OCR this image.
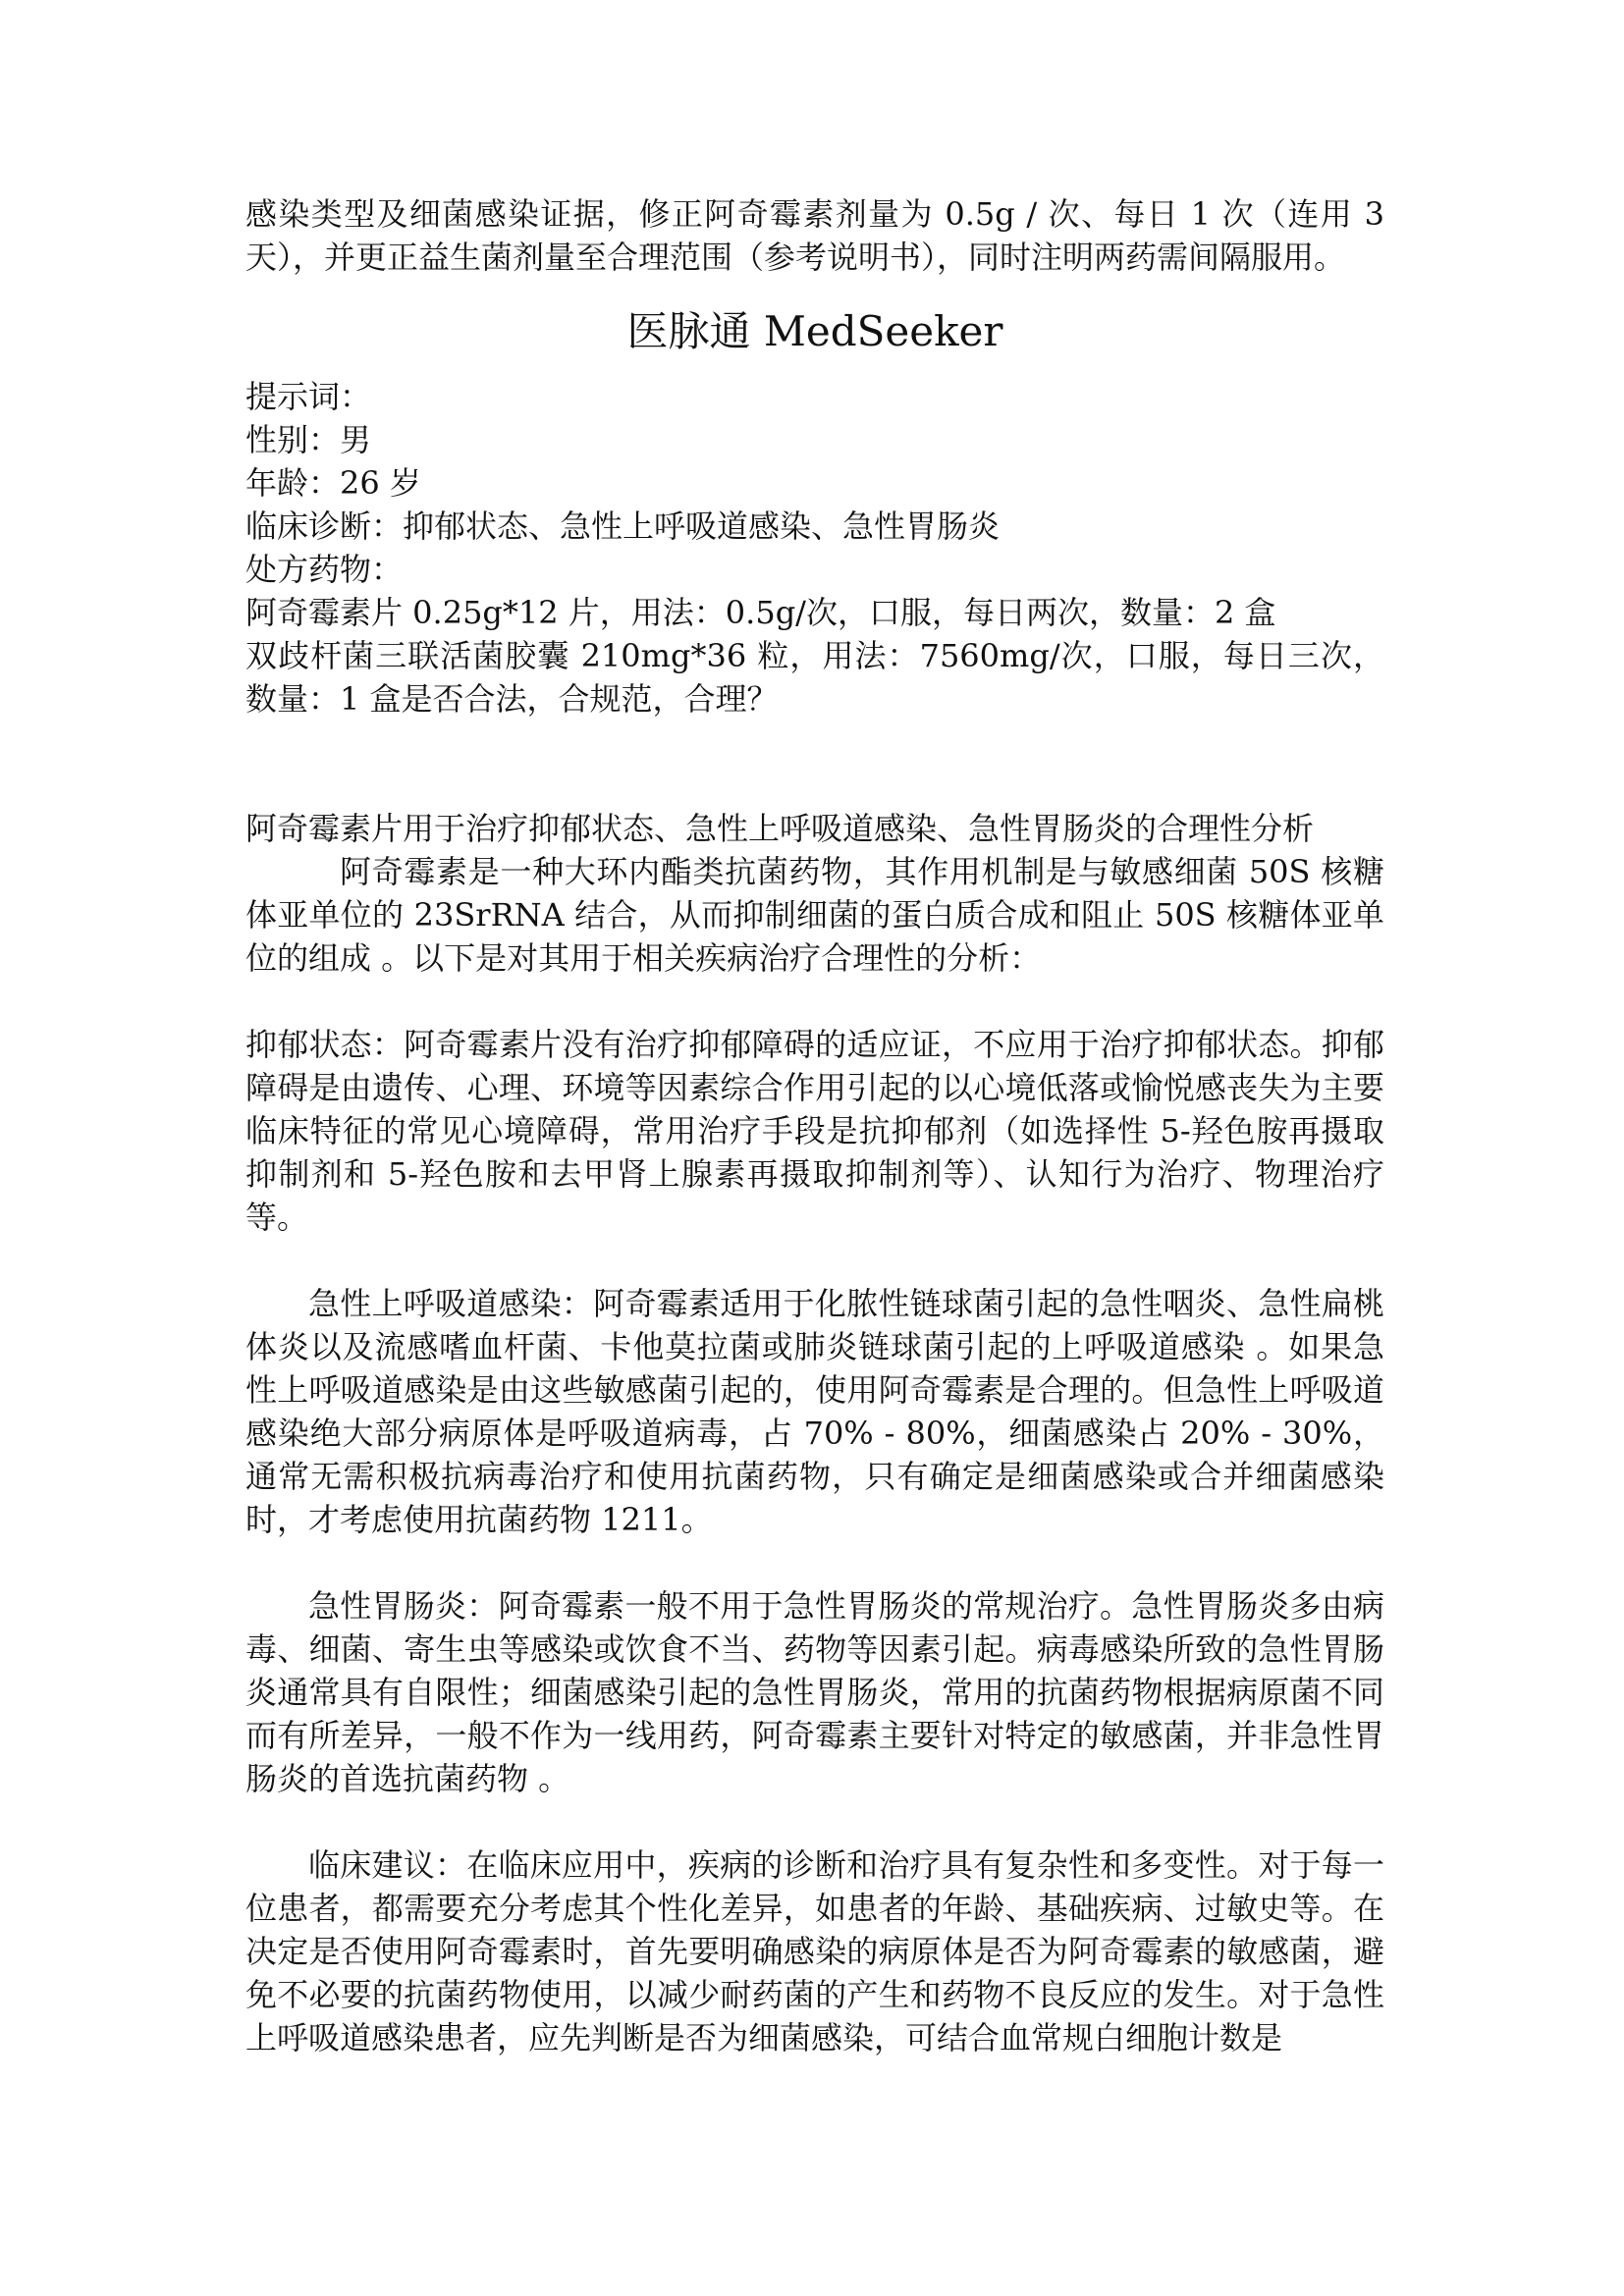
感染类型及细菌感染证据，修正阿奇霉素剂量为 0.5g / 次、每日 1 次（连用 3 天），并更正益生菌剂量至合理范围（参考说明书），同时注明两药需间隔服用。

医脉通 MedSeeker

提示词：

性别：男

年龄：26 岁

临床诊断：抑郁状态、急性上呼吸道感染、急性胃肠炎

处方药物：

阿奇霉素片 0.25g*12 片，用法：0.5g/次，口服，每日两次，数量：2 盒

双歧杆菌三联活菌胶囊 210mg*36 粒，用法：7560mg/次，口服，每日三次，数量：1 盒是否合法，合规范，合理？

阿奇霉素片用于治疗抑郁状态、急性上呼吸道感染、急性胃肠炎的合理性分析

阿奇霉素是一种大环内酯类抗菌药物，其作用机制是与敏感细菌 50S 核糖体亚单位的 23SrRNA 结合，从而抑制细菌的蛋白质合成和阻止 50S 核糖体亚单位的组成 。以下是对其用于相关疾病治疗合理性的分析：

抑郁状态：阿奇霉素片没有治疗抑郁障碍的适应证，不应用于治疗抑郁状态。抑郁障碍是由遗传、心理、环境等因素综合作用引起的以心境低落或愉悦感丧失为主要临床特征的常见心境障碍，常用治疗手段是抗抑郁剂（如选择性 5-羟色胺再摄取抑制剂和 5-羟色胺和去甲肾上腺素再摄取抑制剂等）、认知行为治疗、物理治疗等。

急性上呼吸道感染：阿奇霉素适用于化脓性链球菌引起的急性咽炎、急性扁桃体炎以及流感嗜血杆菌、卡他莫拉菌或肺炎链球菌引起的上呼吸道感染 。如果急性上呼吸道感染是由这些敏感菌引起的，使用阿奇霉素是合理的。但急性上呼吸道感染绝大部分病原体是呼吸道病毒，占 70% - 80%，细菌感染占 20% - 30%，通常无需积极抗病毒治疗和使用抗菌药物，只有确定是细菌感染或合并细菌感染时，才考虑使用抗菌药物 1211。

急性胃肠炎：阿奇霉素一般不用于急性胃肠炎的常规治疗。急性胃肠炎多由病毒、细菌、寄生虫等感染或饮食不当、药物等因素引起。病毒感染所致的急性胃肠炎通常具有自限性；细菌感染引起的急性胃肠炎，常用的抗菌药物根据病原菌不同而有所差异，一般不作为一线用药，阿奇霉素主要针对特定的敏感菌，并非急性胃肠炎的首选抗菌药物 。

临床建议：在临床应用中，疾病的诊断和治疗具有复杂性和多变性。对于每一位患者，都需要充分考虑其个性化差异，如患者的年龄、基础疾病、过敏史等。在决定是否使用阿奇霉素时，首先要明确感染的病原体是否为阿奇霉素的敏感菌，避免不必要的抗菌药物使用，以减少耐药菌的产生和药物不良反应的发生。对于急性上呼吸道感染患者，应先判断是否为细菌感染，可结合血常规白细胞计数是
